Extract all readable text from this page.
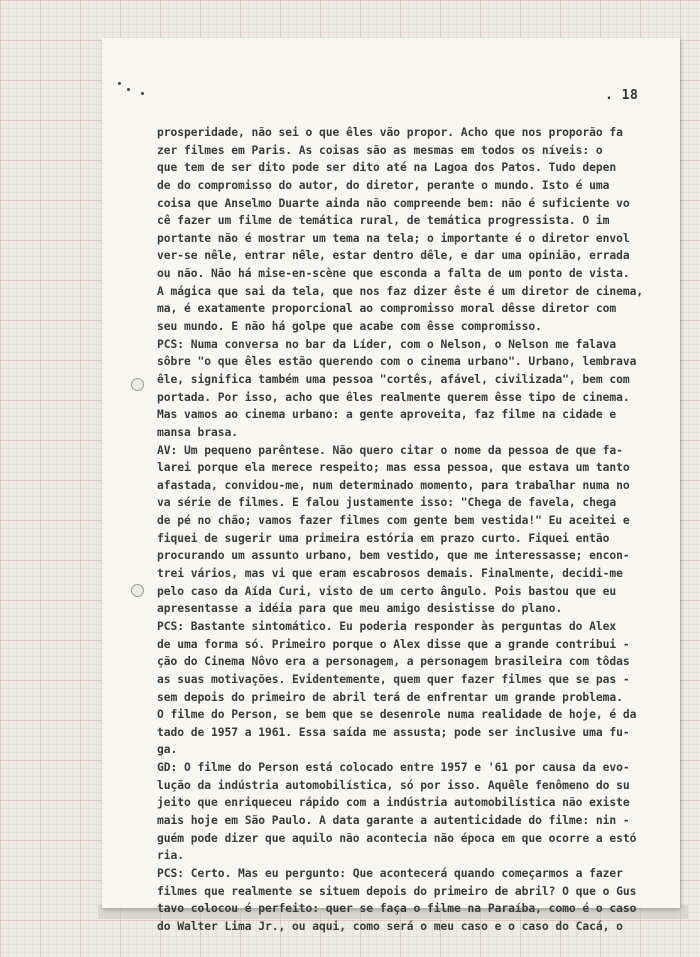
. 18
prosperidade, não sei o que êles vão propor. Acho que nos proporão fa
zer filmes em Paris. As coisas são as mesmas em todos os níveis: o
que tem de ser dito pode ser dito até na Lagoa dos Patos. Tudo depen
de do compromisso do autor, do diretor, perante o mundo. Isto é uma
coisa que Anselmo Duarte ainda não compreende bem: não é suficiente vo
cê fazer um filme de temática rural, de temática progressista. O im
portante não é mostrar um tema na tela; o importante é o diretor envol
ver-se nêle, entrar nêle, estar dentro dêle, e dar uma opinião, errada
ou não. Não há mise-en-scène que esconda a falta de um ponto de vista.
A mágica que sai da tela, que nos faz dizer êste é um diretor de cinema,
ma, é exatamente proporcional ao compromisso moral dêsse diretor com
seu mundo. E não há golpe que acabe com êsse compromisso.
PCS: Numa conversa no bar da Líder, com o Nelson, o Nelson me falava
sôbre "o que êles estão querendo com o cinema urbano". Urbano, lembrava
êle, significa também uma pessoa "cortês, afável, civilizada", bem com
portada. Por isso, acho que êles realmente querem êsse tipo de cinema.
Mas vamos ao cinema urbano: a gente aproveita, faz filme na cidade e
mansa brasa.
AV: Um pequeno parêntese. Não quero citar o nome da pessoa de que fa-
larei porque ela merece respeito; mas essa pessoa, que estava um tanto
afastada, convidou-me, num determinado momento, para trabalhar numa no
va série de filmes. E falou justamente isso: "Chega de favela, chega
de pé no chão; vamos fazer filmes com gente bem vestida!" Eu aceitei e
fiquei de sugerir uma primeira estória em prazo curto. Fiquei então
procurando um assunto urbano, bem vestido, que me interessasse; encon-
trei vários, mas vi que eram escabrosos demais. Finalmente, decidi-me
pelo caso da Aída Curi, visto de um certo ângulo. Pois bastou que eu
apresentasse a idéia para que meu amigo desistisse do plano.
PCS: Bastante sintomático. Eu poderia responder às perguntas do Alex
de uma forma só. Primeiro porque o Alex disse que a grande contribui -
ção do Cinema Nôvo era a personagem, a personagem brasileira com tôdas
as suas motivações. Evidentemente, quem quer fazer filmes que se pas -
sem depois do primeiro de abril terá de enfrentar um grande problema.
O filme do Person, se bem que se desenrole numa realidade de hoje, é da
tado de 1957 a 1961. Essa saída me assusta; pode ser inclusive uma fu-
ga.
GD: O filme do Person está colocado entre 1957 e '61 por causa da evo-
lução da indústria automobilística, só por isso. Aquêle fenômeno do su
jeito que enriqueceu rápido com a indústria automobilística não existe
mais hoje em São Paulo. A data garante a autenticidade do filme: nin -
guém pode dizer que aquilo não acontecia não época em que ocorre a estó
ria.
PCS: Certo. Mas eu pergunto: Que acontecerá quando começarmos a fazer
filmes que realmente se situem depois do primeiro de abril? O que o Gus
tavo colocou é perfeito: quer se faça o filme na Paraíba, como é o caso
do Walter Lima Jr., ou aqui, como será o meu caso e o caso do Cacá, o
